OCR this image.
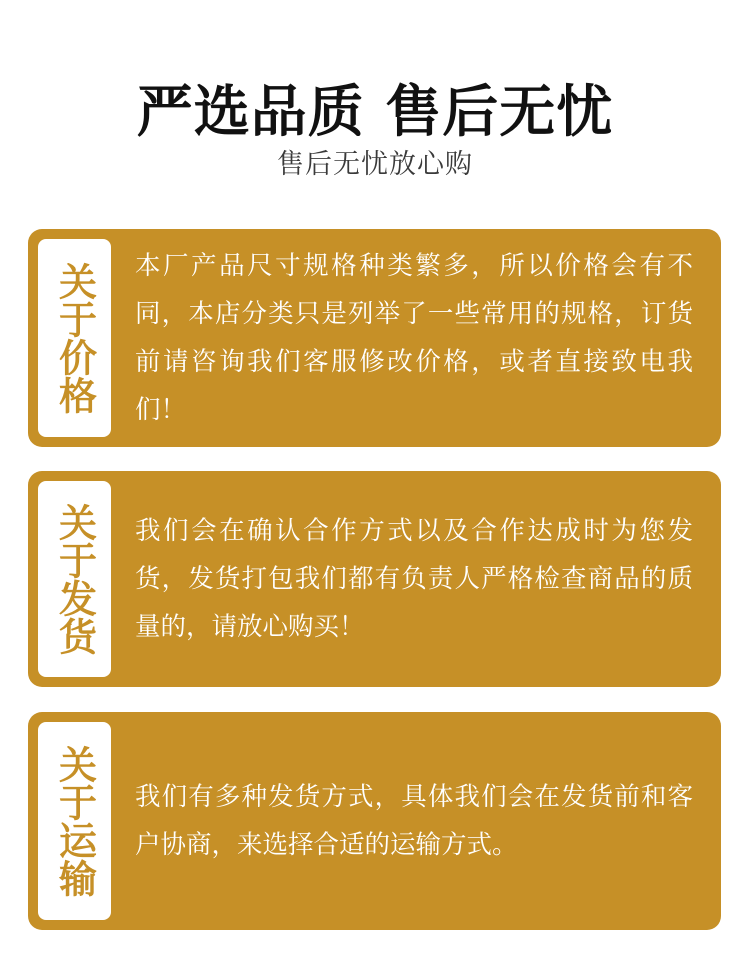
严选品质 售后无忧
售后无忧放心购
关于价格 本厂产品尺寸规格种类繁多，所以价格会有不同，本店分类只是列举了一些常用的规格，订货前请咨询我们客服修改价格，或者直接致电我们！
关于发货 我们会在确认合作方式以及合作达成时为您发货，发货打包我们都有负责人严格检查商品的质量的，请放心购买！
关于运输 我们有多种发货方式，具体我们会在发货前和客户协商，来选择合适的运输方式。
